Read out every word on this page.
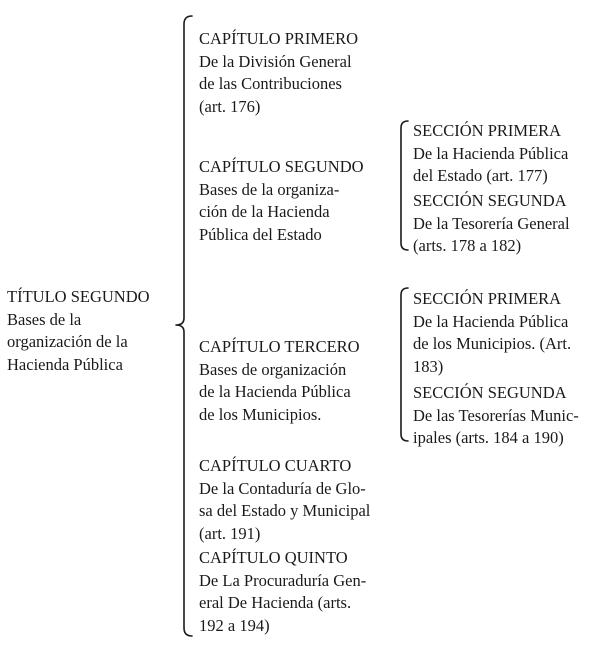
TÍTULO SEGUNDO
Bases de la
organización de la
Hacienda Pública
CAPÍTULO PRIMERO
De la División General
de las Contribuciones
(art. 176)
CAPÍTULO SEGUNDO
Bases de la organiza-
ción de la Hacienda
Pública del Estado
CAPÍTULO TERCERO
Bases de organización
de la Hacienda Pública
de los Municipios.
CAPÍTULO CUARTO
De la Contaduría de Glo-
sa del Estado y Municipal
(art. 191)
CAPÍTULO QUINTO
De La Procuraduría Gen-
eral De Hacienda (arts.
192 a 194)
SECCIÓN PRIMERA
De la Hacienda Pública
del Estado (art. 177)
SECCIÓN SEGUNDA
De la Tesorería General
(arts. 178 a 182)
SECCIÓN PRIMERA
De la Hacienda Pública
de los Municipios. (Art.
183)
SECCIÓN SEGUNDA
De las Tesorerías Munic-
ipales (arts. 184 a 190)
